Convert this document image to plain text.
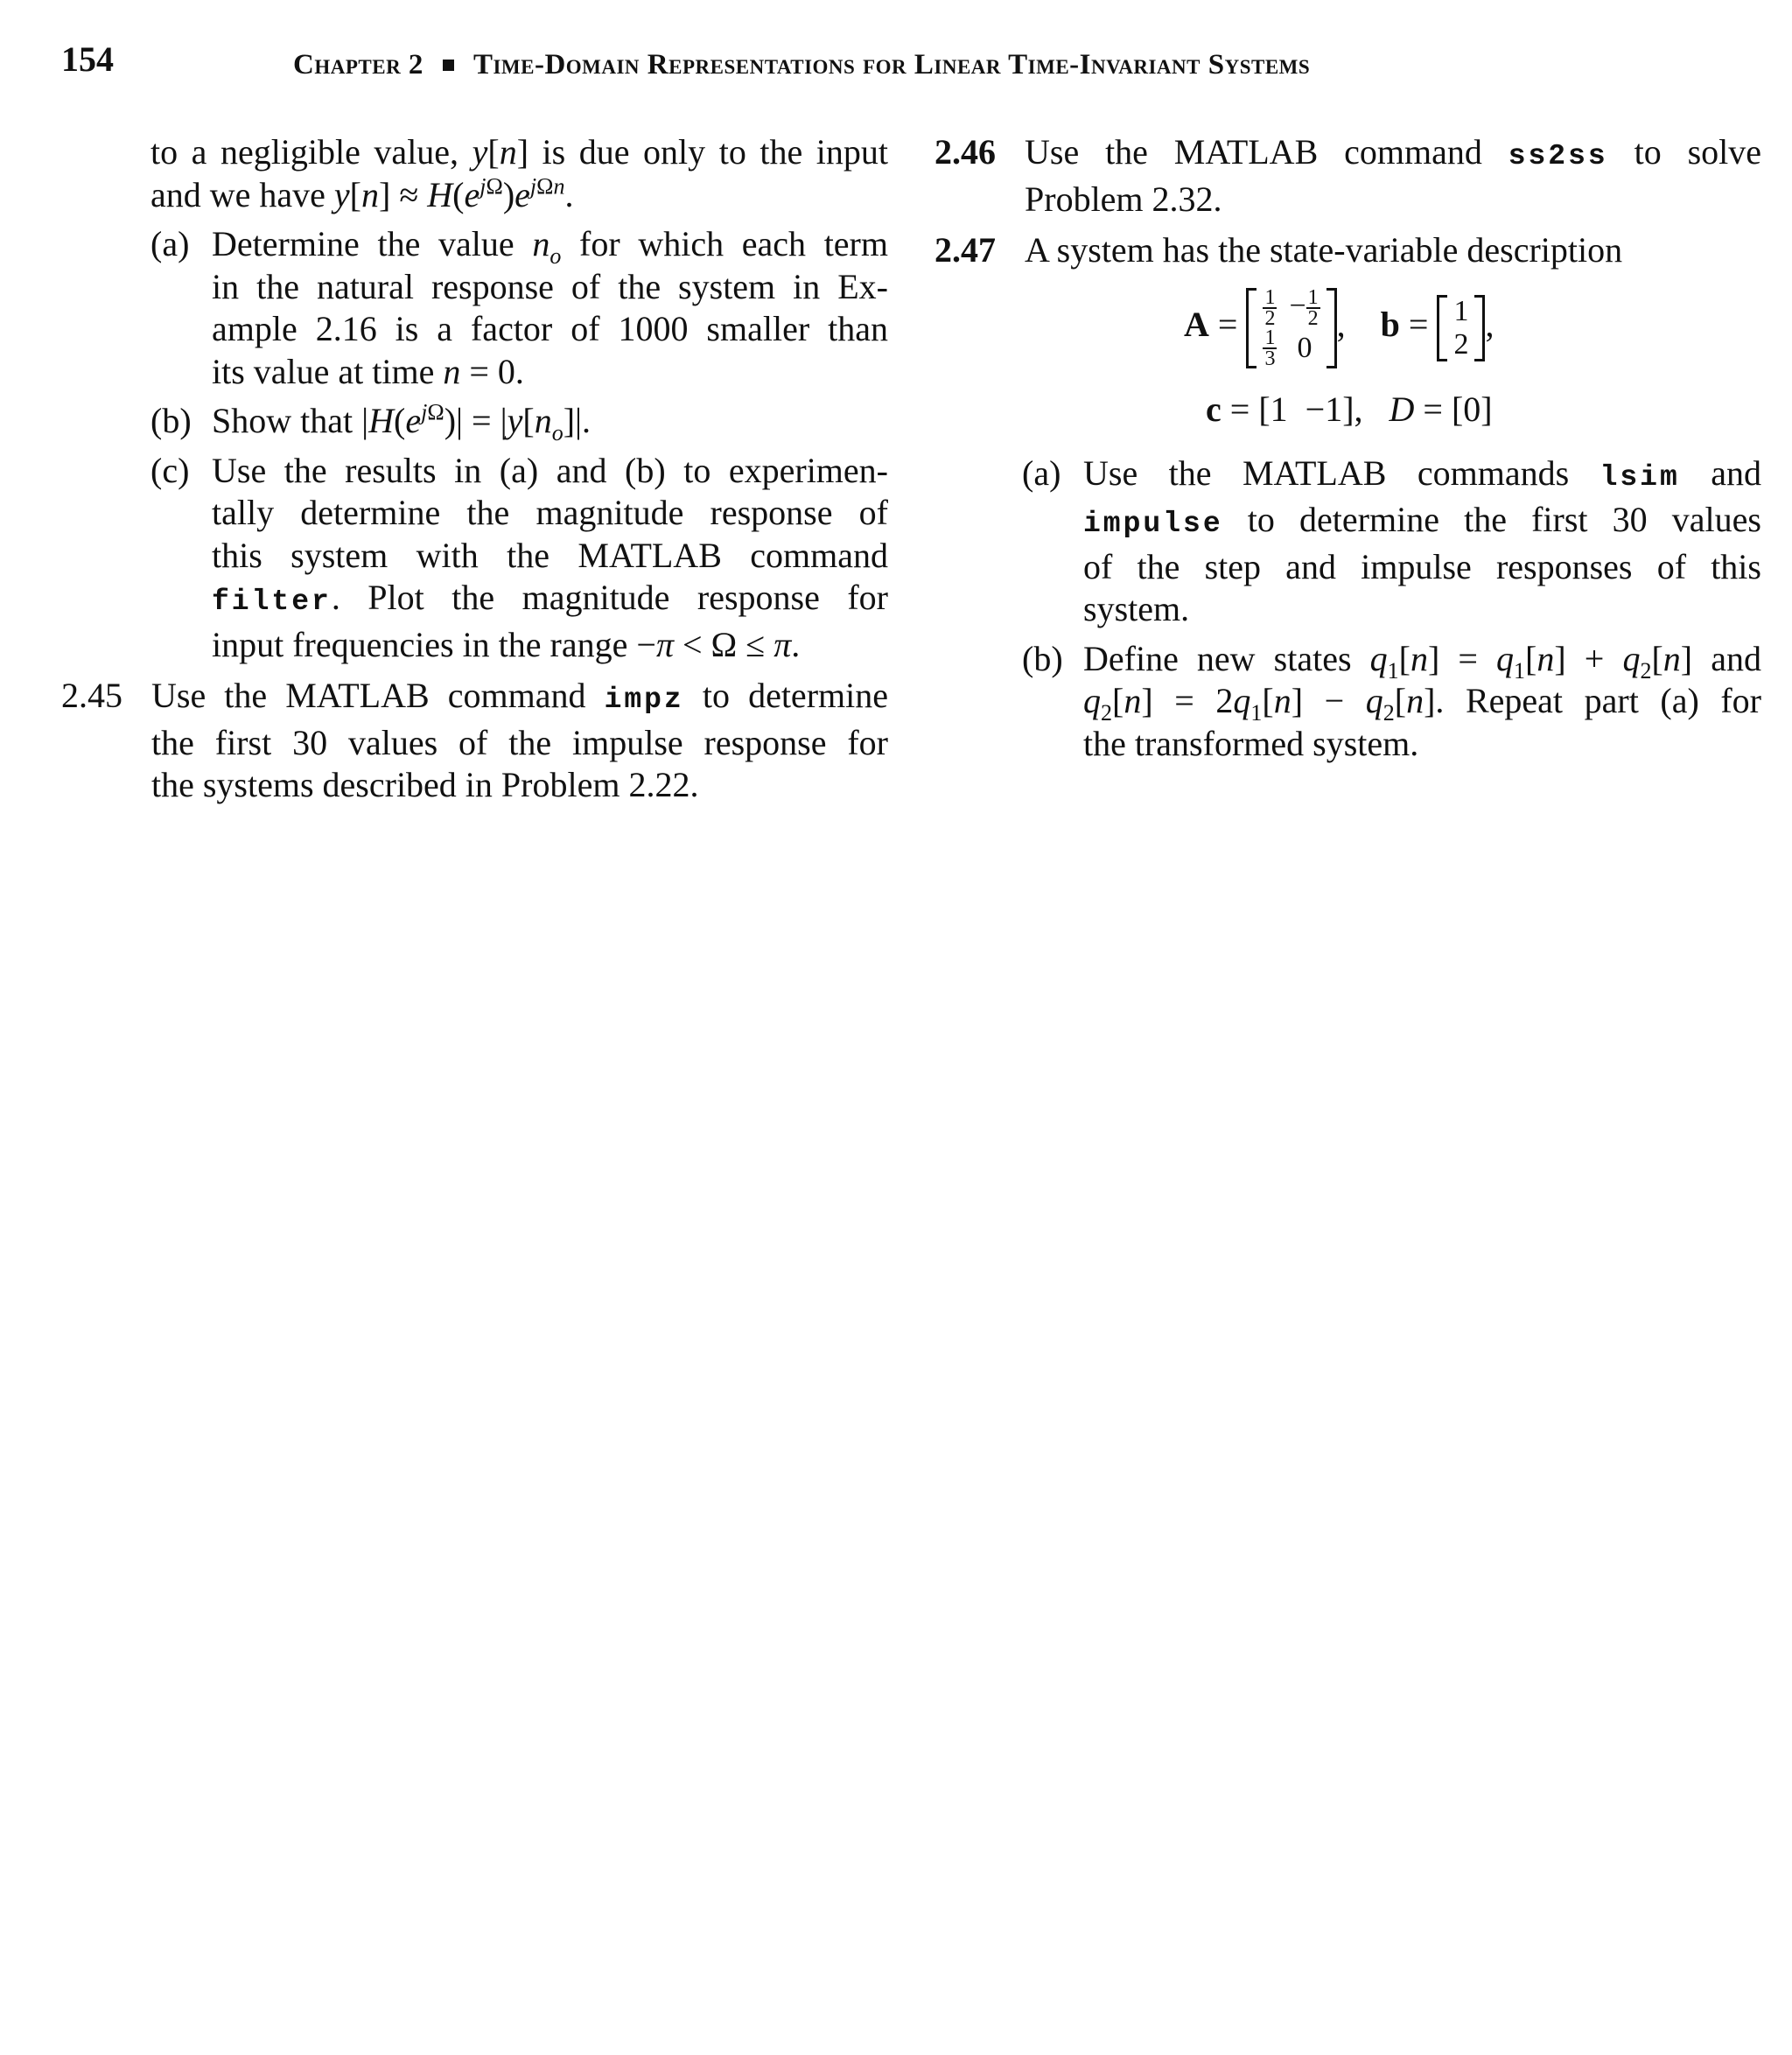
154	Chapter 2 Time-Domain Representations for Linear Time-Invariant Systems
to a negligible value, y[n] is due only to the input
and we have $y[n] \approx H(e^{j\Omega})e^{j\Omega n}$.
(a) Determine the value $n_o$ for which each term
in the natural response of the system in Ex-
ample 2.16 is a factor of 1000 smaller than
its value at time n = 0.
(b) Show that $|H(e^{j\Omega})| = |y[n_o]|$.
(c) Use the results in (a) and (b) to experimen-
tally determine the magnitude response of
this system with the MATLAB command
filter. Plot the magnitude response for
input frequencies in the range −π < Ω ≤ π.
2.45 Use the MATLAB command impz to determine
the first 30 values of the impulse response for
the systems described in Problem 2.22.
2.46 Use the MATLAB command ss2ss to solve
Problem 2.32.
2.47 A system has the state-variable description
$A = \frac{1}{2}$	− $\frac{1}{2}$

$\frac{1}{3}$	0
,    b = 1
2
,
c = [1  −1],   D = [0]
(a) Use the MATLAB commands lsim and
impulse to determine the first 30 values
of the step and impulse responses of this
system.
(b) Define new states $q_1[n] = q_1[n] + q_2[n]$ and
$q_2[n] = 2q_1[n] - q_2[n]$. Repeat part (a) for
the transformed system.
